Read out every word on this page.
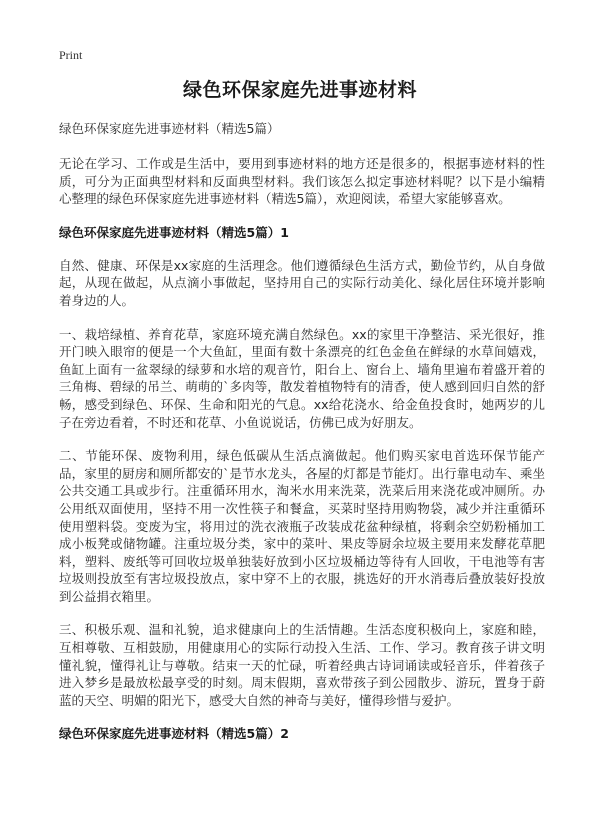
Print
绿色环保家庭先进事迹材料

绿色环保家庭先进事迹材料（精选5篇）

无论在学习、工作或是生活中，要用到事迹材料的地方还是很多的，根据事迹材料的性质，可分为正面典型材料和反面典型材料。我们该怎么拟定事迹材料呢？以下是小编精心整理的绿色环保家庭先进事迹材料（精选5篇），欢迎阅读，希望大家能够喜欢。

绿色环保家庭先进事迹材料（精选5篇）1

自然、健康、环保是xx家庭的生活理念。他们遵循绿色生活方式，勤俭节约，从自身做起，从现在做起，从点滴小事做起，坚持用自己的实际行动美化、绿化居住环境并影响着身边的人。

一、栽培绿植、养育花草，家庭环境充满自然绿色。xx的家里干净整洁、采光很好，推开门映入眼帘的便是一个大鱼缸，里面有数十条漂亮的红色金鱼在鲜绿的水草间嬉戏，鱼缸上面有一盆翠绿的绿萝和水培的观音竹，阳台上、窗台上、墙角里遍布着盛开着的三角梅、碧绿的吊兰、萌萌的`多肉等，散发着植物特有的清香，使人感到回归自然的舒畅，感受到绿色、环保、生命和阳光的气息。xx给花浇水、给金鱼投食时，她两岁的儿子在旁边看着，不时还和花草、小鱼说说话，仿佛已成为好朋友。

二、节能环保、废物利用，绿色低碳从生活点滴做起。他们购买家电首选环保节能产品，家里的厨房和厕所都安的`是节水龙头，各屋的灯都是节能灯。出行靠电动车、乘坐公共交通工具或步行。注重循环用水，淘米水用来洗菜，洗菜后用来浇花或冲厕所。办公用纸双面使用，坚持不用一次性筷子和餐盒，买菜时坚持用购物袋，减少并注重循环使用塑料袋。变废为宝，将用过的洗衣液瓶子改装成花盆种绿植，将剩余空奶粉桶加工成小板凳或储物罐。注重垃圾分类，家中的菜叶、果皮等厨余垃圾主要用来发酵花草肥料，塑料、废纸等可回收垃圾单独装好放到小区垃圾桶边等待有人回收，干电池等有害垃圾则投放至有害垃圾投放点，家中穿不上的衣服，挑选好的开水消毒后叠放装好投放到公益捐衣箱里。

三、积极乐观、温和礼貌，追求健康向上的生活情趣。生活态度积极向上，家庭和睦，互相尊敬、互相鼓励，用健康用心的实际行动投入生活、工作、学习。教育孩子讲文明懂礼貌，懂得礼让与尊敬。结束一天的忙碌，听着经典古诗词诵读或轻音乐，伴着孩子进入梦乡是最放松最享受的时刻。周末假期，喜欢带孩子到公园散步、游玩，置身于蔚蓝的天空、明媚的阳光下，感受大自然的神奇与美好，懂得珍惜与爱护。

绿色环保家庭先进事迹材料（精选5篇）2
